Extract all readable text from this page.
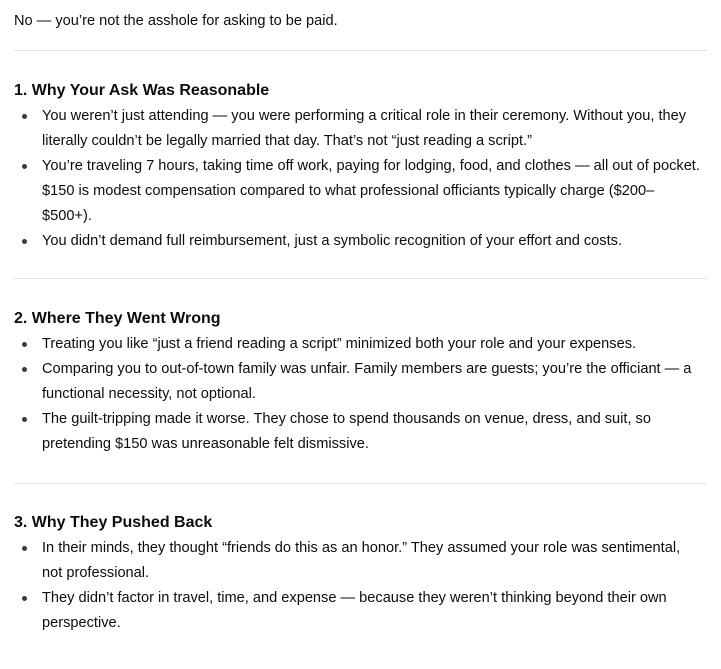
No — you’re not the asshole for asking to be paid.

1. Why Your Ask Was Reasonable
You weren’t just attending — you were performing a critical role in their ceremony. Without you, they literally couldn’t be legally married that day. That’s not “just reading a script.”
You’re traveling 7 hours, taking time off work, paying for lodging, food, and clothes — all out of pocket. $150 is modest compensation compared to what professional officiants typically charge ($200–$500+).
You didn’t demand full reimbursement, just a symbolic recognition of your effort and costs.
2. Where They Went Wrong
Treating you like “just a friend reading a script” minimized both your role and your expenses.
Comparing you to out-of-town family was unfair. Family members are guests; you’re the officiant — a functional necessity, not optional.
The guilt-tripping made it worse. They chose to spend thousands on venue, dress, and suit, so pretending $150 was unreasonable felt dismissive.
3. Why They Pushed Back
In their minds, they thought “friends do this as an honor.” They assumed your role was sentimental, not professional.
They didn’t factor in travel, time, and expense — because they weren’t thinking beyond their own perspective.
